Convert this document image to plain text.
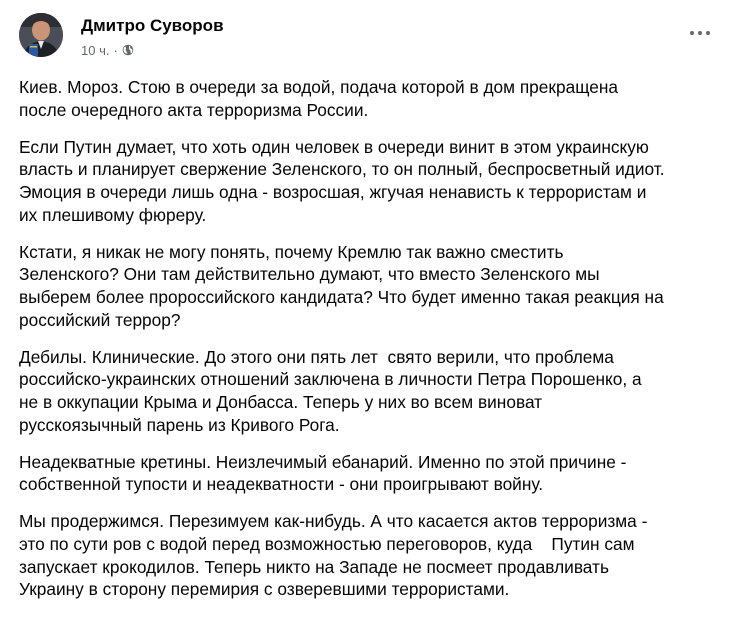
Дмитро Суворов
10 ч. ·

Киев. Мороз. Стою в очереди за водой, подача которой в дом прекращена
после очередного акта терроризма России.

Если Путин думает, что хоть один человек в очереди винит в этом украинскую
власть и планирует свержение Зеленского, то он полный, беспросветный идиот.
Эмоция в очереди лишь одна - возросшая, жгучая ненависть к террористам и
их плешивому фюреру.

Кстати, я никак не могу понять, почему Кремлю так важно сместить
Зеленского? Они там действительно думают, что вместо Зеленского мы
выберем более пророссийского кандидата? Что будет именно такая реакция на
российский террор?

Дебилы. Клинические. До этого они пять лет  свято верили, что проблема
российско-украинских отношений заключена в личности Петра Порошенко, а
не в оккупации Крыма и Донбасса. Теперь у них во всем виноват
русскоязычный парень из Кривого Рога.

Неадекватные кретины. Неизлечимый ебанарий. Именно по этой причине -
собственной тупости и неадекватности - они проигрывают войну.

Мы продержимся. Перезимуем как-нибудь. А что касается актов терроризма -
это по сути ров с водой перед возможностью переговоров, куда    Путин сам
запускает крокодилов. Теперь никто на Западе не посмеет продавливать
Украину в сторону перемирия с озверевшими террористами.
